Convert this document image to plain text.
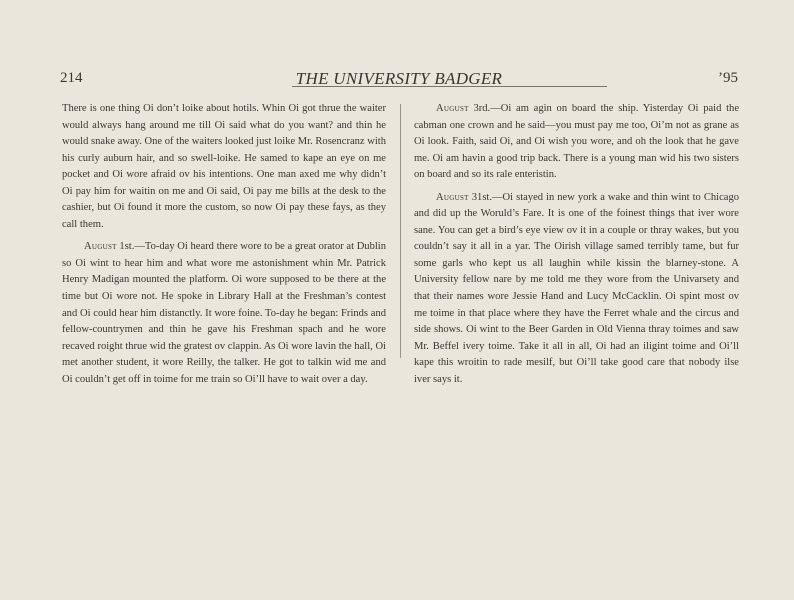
214	THE UNIVERSITY BADGER	’95

There is one thing Oi don’t loike about hotils. Whin Oi got thrue the waiter would always hang around me till Oi said what do you want? and thin he would snake away. One of the waiters looked just loike Mr. Rosencranz with his curly auburn hair, and so swell-loike. He samed to kape an eye on me pocket and Oi wore afraid ov his intentions. One man axed me why didn’t Oi pay him for waitin on me and Oi said, Oi pay me bills at the desk to the cashier, but Oi found it more the custom, so now Oi pay these fays, as they call them.

August 1st.—To-day Oi heard there wore to be a great orator at Dublin so Oi wint to hear him and what wore me astonishment whin Mr. Patrick Henry Madigan mounted the platform. Oi wore supposed to be there at the time but Oi wore not. He spoke in Library Hall at the Freshman’s contest and Oi could hear him distanctly. It wore foine. To-day he began: Frinds and fellow-countrymen and thin he gave his Freshman spach and he wore recaved roight thrue wid the gratest ov clappin. As Oi wore lavin the hall, Oi met another student, it wore Reilly, the talker. He got to talkin wid me and Oi couldn’t get off in toime for me train so Oi’ll have to wait over a day.

August 3rd.—Oi am agin on board the ship. Yisterday Oi paid the cabman one crown and he said—you must pay me too, Oi’m not as grane as Oi look. Faith, said Oi, and Oi wish you wore, and oh the look that he gave me. Oi am havin a good trip back. There is a young man wid his two sisters on board and so its rale enteristin.

August 31st.—Oi stayed in new york a wake and thin wint to Chicago and did up the Woruld’s Fare. It is one of the foinest things that iver wore sane. You can get a bird’s eye view ov it in a couple or thray wakes, but you couldn’t say it all in a yar. The Oirish village samed terribly tame, but fur some garls who kept us all laughin while kissin the blarney-stone. A University fellow nare by me told me they wore from the Univarsety and that their names wore Jessie Hand and Lucy McCacklin. Oi spint most ov me toime in that place where they have the Ferret whale and the circus and side shows. Oi wint to the Beer Garden in Old Vienna thray toimes and saw Mr. Beffel ivery toime. Take it all in all, Oi had an iligint toime and Oi’ll kape this wroitin to rade mesilf, but Oi’ll take good care that nobody ilse iver says it.
